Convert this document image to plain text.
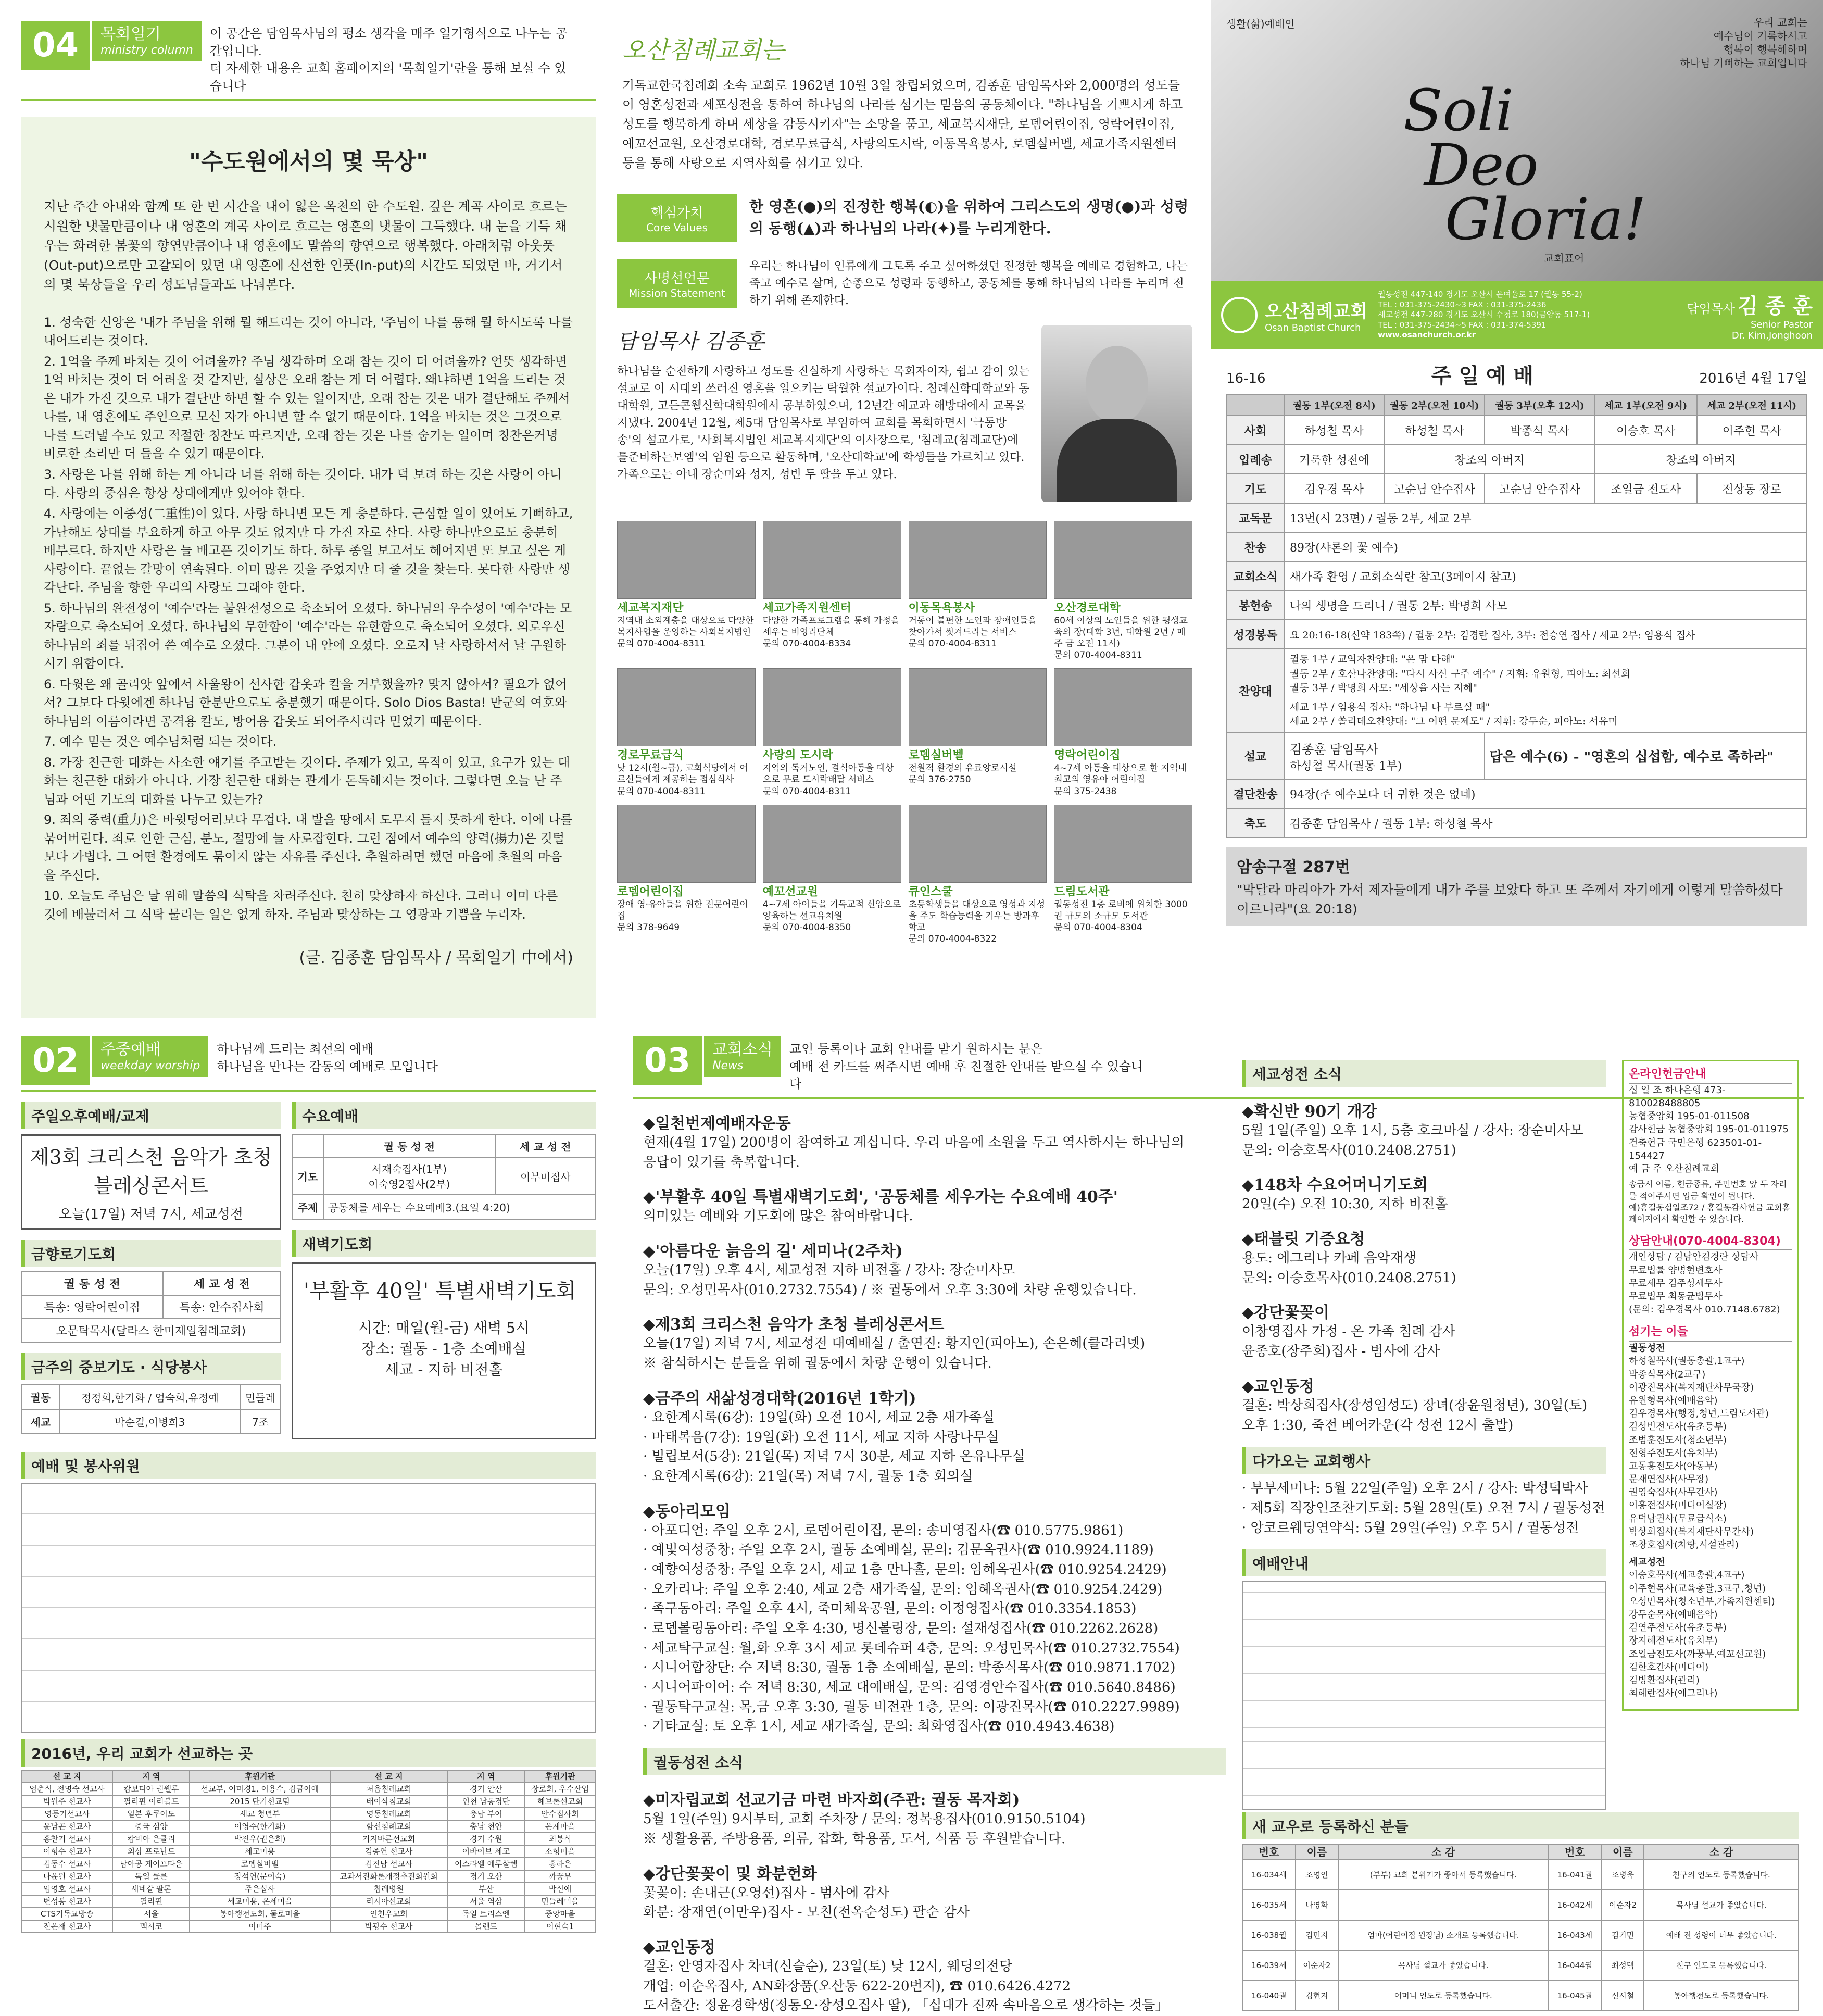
04 목회일기
ministry column
이 공간은 담임목사님의 평소 생각을 매주 일기형식으로 나누는 공간입니다.
더 자세한 내용은 교회 홈페이지의 '목회일기'란을 통해 보실 수 있습니다
"수도원에서의 몇 묵상"

지난 주간 아내와 함께 또 한 번 시간을 내어 잃은 옥천의 한 수도원. 깊은 계곡 사이로 흐르는 시원한 냇물만큼이나 내 영혼의 계곡 사이로 흐르는 영혼의 냇물이 그득했다. 내 눈을 기득 채우는 화려한 봄꽃의 향연만큼이나 내 영혼에도 말씀의 향연으로 행복했다. 아래처럼 아웃풋(Out-put)으로만 고갈되어 있던 내 영혼에 신선한 인풋(In-put)의 시간도 되었던 바, 거기서의 몇 묵상들을 우리 성도님들과도 나눠본다.

1. 성숙한 신앙은 '내가 주님을 위해 뭘 해드리는 것이 아니라, '주님이 나를 통해 뭘 하시도록 나를 내어드리는 것이다.

2. 1억을 주께 바치는 것이 어려울까? 주님 생각하며 오래 참는 것이 더 어려울까? 언뜻 생각하면 1억 바치는 것이 더 어려울 것 같지만, 실상은 오래 참는 게 더 어렵다. 왜냐하면 1억을 드리는 것은 내가 가진 것으로 내가 결단만 하면 할 수 있는 일이지만, 오래 참는 것은 내가 결단해도 주께서 나를, 내 영혼에도 주인으로 모신 자가 아니면 할 수 없기 때문이다. 1억을 바치는 것은 그것으로 나를 드러낼 수도 있고 적절한 칭찬도 따르지만, 오래 참는 것은 나를 숨기는 일이며 칭찬은커녕 비로한 소리만 더 들을 수 있기 때문이다.

3. 사랑은 나를 위해 하는 게 아니라 너를 위해 하는 것이다. 내가 덕 보려 하는 것은 사랑이 아니다. 사랑의 중심은 항상 상대에게만 있어야 한다.

4. 사랑에는 이중성(二重性)이 있다. 사랑 하니면 모든 게 충분하다. 근심할 일이 있어도 기뻐하고, 가난해도 상대를 부요하게 하고 아무 것도 없지만 다 가진 자로 산다. 사랑 하나만으로도 충분히 배부르다. 하지만 사랑은 늘 배고픈 것이기도 하다. 하루 종일 보고서도 헤어지면 또 보고 싶은 게 사랑이다. 끝없는 갈망이 연속된다. 이미 많은 것을 주었지만 더 줄 것을 찾는다. 못다한 사랑만 생각난다. 주님을 향한 우리의 사랑도 그래야 한다.

5. 하나님의 완전성이 '예수'라는 불완전성으로 축소되어 오셨다. 하나님의 우수성이 '예수'라는 모자람으로 축소되어 오셨다. 하나님의 무한함이 '예수'라는 유한함으로 축소되어 오셨다. 의로우신 하나님의 죄를 뒤집어 쓴 예수로 오셨다. 그분이 내 안에 오셨다. 오로지 날 사랑하셔서 날 구원하시기 위함이다.

6. 다윗은 왜 골리앗 앞에서 사울왕이 선사한 갑옷과 칼을 거부했을까? 맞지 않아서? 필요가 없어서? 그보다 다윗에겐 하나님 한분만으로도 충분했기 때문이다. Solo Dios Basta! 만군의 여호와 하나님의 이름이라면 공격용 칼도, 방어용 갑옷도 되어주시리라 믿었기 때문이다.

7. 예수 믿는 것은 예수님처럼 되는 것이다.

8. 가장 친근한 대화는 사소한 얘기를 주고받는 것이다. 주제가 있고, 목적이 있고, 요구가 있는 대화는 친근한 대화가 아니다. 가장 친근한 대화는 관계가 돈독해지는 것이다. 그렇다면 오늘 난 주님과 어떤 기도의 대화를 나누고 있는가?

9. 죄의 중력(重力)은 바윗덩어리보다 무겁다. 내 발을 땅에서 도무지 들지 못하게 한다. 이에 나를 묶어버린다. 죄로 인한 근심, 분노, 절망에 늘 사로잡힌다. 그런 점에서 예수의 양력(揚力)은 깃털보다 가볍다. 그 어떤 환경에도 묶이지 않는 자유를 주신다. 추월하려면 했던 마음에 초월의 마음을 주신다.

10. 오늘도 주님은 날 위해 말씀의 식탁을 차려주신다. 친히 맞상하자 하신다. 그러니 이미 다른 것에 배불러서 그 식탁 물리는 일은 없게 하자. 주님과 맞상하는 그 영광과 기쁨을 누리자.

(글. 김종훈 담임목사 / 목회일기 中에서)
오산침례교회는

기독교한국침례회 소속 교회로 1962년 10월 3일 창립되었으며, 김종훈 담임목사와 2,000명의 성도들이 영혼성전과 세포성전을 통하여 하나님의 나라를 섬기는 믿음의 공동체이다. "하나님을 기쁘시게 하고 성도를 행복하게 하며 세상을 감동시키자"는 소망을 품고, 세교복지재단, 로뎀어린이집, 영락어린이집, 예꼬선교원, 오산경로대학, 경로무료급식, 사랑의도시락, 이동목욕봉사, 로뎀실버벨, 세교가족지원센터 등을 통해 사랑으로 지역사회를 섬기고 있다.

핵심가치
Core Values
한 영혼(●)의 진정한 행복(◐)을 위하여 그리스도의 생명(●)과 성령의 동행(▲)과 하나님의 나라(✦)를 누리게한다.
사명선언문
Mission Statement
우리는 하나님이 인류에게 그토록 주고 싶어하셨던 진정한 행복을 예배로 경험하고, 나는 죽고 예수로 살며, 순종으로 성령과 동행하고, 공동체를 통해 하나님의 나라를 누리며 전하기 위해 존재한다.
담임목사 김종훈

하나님을 순전하게 사랑하고 성도를 진실하게 사랑하는 목회자이자, 쉽고 감이 있는 설교로 이 시대의 쓰러진 영혼을 일으키는 탁월한 설교가이다. 침례신학대학교와 동대학원, 고든콘웰신학대학원에서 공부하였으며, 12년간 예교과 해방대에서 교목을 지냈다. 2004년 12월, 제5대 담임목사로 부임하여 교회를 목회하면서 '극동방송'의 설교가로, '사회복지법인 세교복지재단'의 이사장으로, '침례교(침례교단)에 틀준비하는보엠'의 임원 등으로 활동하며, '오산대학교'에 학생들을 가르치고 있다. 가족으로는 아내 장순미와 성지, 성빈 두 딸을 두고 있다.

세교복지재단
지역내 소외계층을 대상으로 다양한 복지사업을 운영하는 사회복지법인
문의 070-4004-8311
세교가족지원센터
다양한 가족프로그램을 통해 가정을 세우는 비영리단체
문의 070-4004-8334
이동목욕봉사
거동이 불편한 노인과 장애인들을 찾아가서 씻겨드리는 서비스
문의 070-4004-8311
오산경로대학
60세 이상의 노인들을 위한 평생교육의 장(대학 3년, 대학원 2년 / 매주 금 오전 11시)
문의 070-4004-8311
경로무료급식
낮 12시(월~금), 교회식당에서 어르신들에게 제공하는 점심식사
문의 070-4004-8311
사랑의 도시락
지역의 독거노인, 결식아동을 대상으로 무료 도시락배달 서비스
문의 070-4004-8311
로뎀실버벨
전원적 환경의 유료양로시설
문의 376-2750
영락어린이집
4~7세 아동을 대상으로 한 지역내 최고의 영유아 어린이집
문의 375-2438
로뎀어린이집
장애 영·유아들을 위한 전문어린이집
문의 378-9649
예꼬선교원
4~7세 아이들을 기독교적 신앙으로 양육하는 선교유치원
문의 070-4004-8350
큐인스쿨
초등학생들을 대상으로 영성과 지성을 주도 학습능력을 키우는 방과후학교
문의 070-4004-8322
드림도서관
궐동성전 1층 로비에 위치한 3000권 규모의 소규모 도서관
문의 070-4004-8304
생활(삶)예배인
Soli
Deo
Gloria!
교회표어
우리 교회는
예수님이 기록하시고
행복이 행복해하며
하나님 기뻐하는 교회입니다
오산침례교회
Osan Baptist Church
궐동성전 447-140 경기도 오산시 은여울로 17 (궐동 55-2)
TEL : 031-375-2430~3 FAX : 031-375-2436
세교성전 447-280 경기도 오산시 수청로 180(금암동 517-1)
TEL : 031-375-2434~5 FAX : 031-374-5391
www.osanchurch.or.kr
담임목사 김 종 훈
Senior Pastor
Dr. Kim,Jonghoon
16-16	주 일 예 배	2016년 4월 17일
	궐동 1부(오전 8시)	궐동 2부(오전 10시)	궐동 3부(오후 12시)	세교 1부(오전 9시)	세교 2부(오전 11시)
사회	하성철 목사	하성철 목사	박종식 목사	이승호 목사	이주현 목사
입례송	거룩한 성전에	창조의 아버지		창조의 아버지	
기도	김우경 목사	고순님 안수집사	고순님 안수집사	조일금 전도사	전상동 장로
교독문	13번(시 23편) / 궐동 2부, 세교 2부				
찬송	89장(샤론의 꽃 예수)				
교회소식	새가족 환영 / 교회소식란 참고(3페이지 참고)				
봉헌송	나의 생명을 드리니 / 궐동 2부: 박명희 사모				
성경봉독	요 20:16-18(신약 183쪽) / 궐동 2부: 김경란 집사, 3부: 전승연 집사 / 세교 2부: 엄용식 집사				
찬양대	궐동 1부 / 교역자찬양대: "온 맘 다해"
궐동 2부 / 호산나찬양대: "다시 사신 구주 예수" / 지휘: 유원형, 피아노: 최선희
궐동 3부 / 박명희 사모: "세상을 사는 지혜"
세교 1부 / 엄용식 집사: "하나님 나 부르실 때"
세교 2부 / 쏠리데오찬양대: "그 어떤 문제도" / 지휘: 강두순, 피아노: 서유미				

설교	김종훈 담임목사
하성철 목사(궐동 1부)		답은 예수(6) - "영혼의 십섭함, 예수로 족하라"		
결단찬송	94장(주 예수보다 더 귀한 것은 없네)				
축도	김종훈 담임목사 / 궐동 1부: 하성철 목사				
암송구절 287번
"막달라 마리아가 가서 제자들에게 내가 주를 보았다 하고 또 주께서 자기에게 이렇게 말씀하셨다 이르니라"(요 20:18)
02 주중예배
weekday worship
하나님께 드리는 최선의 예배
하나님을 만나는 감동의 예배로 모입니다
주일오후예배/교제
제3회 크리스천 음악가 초청
블레싱콘서트
오늘(17일) 저녁 7시, 세교성전
금향로기도회
궐 동 성 전	세 교 성 전
특송: 영락어린이집	특송: 안수집사회
오문탁목사(달라스 한미제일침례교회)	
금주의 중보기도 · 식당봉사
궐동	정정희,한기화 / 엄숙희,유정예	민들레
세교	박순길,이병희3	7조
수요예배
	궐 동 성 전	세 교 성 전
기도	서재숙집사(1부)
이숙영2집사(2부)	이부미집사
주제	공동체를 세우는 수요예배3.(요일 4:20)	
새벽기도회
'부활후 40일' 특별새벽기도회
시간: 매일(월-금) 새벽 5시
장소: 궐동 - 1층 소예배실
세교 - 지하 비전홀
예배 및 봉사위원
2016년, 우리 교회가 선교하는 곳
선 교 지	지 역	후원기관	선 교 지	지 역	후원기관
엄춘식, 전명숙 선교사	캄보디아 권웰루	선교부, 이미경1, 이용수, 김금이애	처음침례교회	경기 안산	장로회, 우수산업
박원주 선교사	필리핀 이리블드	2015 단기선교팀	태이삭침교회	인천 남동경단	해브론선교회
영등기선교사	일본 후쿠이도	세교 청년부	영동침례교회	충남 부여	안수집사회
윤남곤 선교사	중국 심양	이영수(한기화)	함선침례교회	충남 천안	은계마을
홍찬기 선교사	캄비아 은쿨리	박진우(권은희)	거지바른선교회	경기 수원	최봉식
이형수 선교사	외상 프로난드	세교미용	김종연 선교사	이바이브 세교	소형미을
김동수 선교사	남아공 케이프타운	로뎀실버벨	김진남 선교사	이스라엘 예루살렘	흥하은
나윤원 선교사	독일 클론	장석연(문이숙)	교과서진화론개정추진회원회	경기 오산	까꿍부
임영호 선교사	세네갈 팔론	주은십사	침례병원	부산	박신애
변성봉 선교사	필리핀	세교미용, 온세미을	리시아선교회	서울 역삼	민들레미을
CTS기독교방송	서울	봉아행전도회, 둘로미을	인천우교회	독일 트리스엔	중앙마을
전은재 선교사	멕시코	이미주	박광수 선교사	몰렌드	이현숙1
03 교회소식
News
교인 등록이나 교회 안내를 받기 원하시는 분은
예배 전 카드를 써주시면 예배 후 친절한 안내를 받으실 수 있습니다
◆일천번제예배자운동
현재(4월 17일) 200명이 참여하고 계십니다. 우리 마음에 소원을 두고 역사하시는 하나님의
응답이 있기를 축복합니다.
◆'부활후 40일 특별새벽기도회', '공동체를 세우가는 수요예배 40주'
의미있는 예배와 기도회에 많은 참여바랍니다.
◆'아름다운 늙음의 길' 세미나(2주차)
오늘(17일) 오후 4시, 세교성전 지하 비전홀 / 강사: 장순미사모
문의: 오성민목사(010.2732.7554) / ※ 궐동에서 오후 3:30에 차량 운행있습니다.
◆제3회 크리스천 음악가 초청 블레싱콘서트
오늘(17일) 저녁 7시, 세교성전 대예배실 / 출연진: 황지인(피아노), 손은혜(클라리넷)
※ 참석하시는 분들을 위해 궐동에서 차량 운행이 있습니다.
◆금주의 새삶성경대학(2016년 1학기)
· 요한계시록(6강): 19일(화) 오전 10시, 세교 2층 새가족실
· 마태복음(7강): 19일(화) 오전 11시, 세교 지하 사랑나무실
· 빌립보서(5강): 21일(목) 저녁 7시 30분, 세교 지하 온유나무실
· 요한계시록(6강): 21일(목) 저녁 7시, 궐동 1층 회의실
◆동아리모임
· 아포디언: 주일 오후 2시, 로뎀어린이집, 문의: 송미영집사(☎ 010.5775.9861)
· 예빛여성중창: 주일 오후 2시, 궐동 소예배실, 문의: 김문옥권사(☎ 010.9924.1189)
· 예향여성중창: 주일 오후 2시, 세교 1층 만나홀, 문의: 임혜옥권사(☎ 010.9254.2429)
· 오카리나: 주일 오후 2:40, 세교 2층 새가족실, 문의: 임혜옥권사(☎ 010.9254.2429)
· 족구동아리: 주일 오후 4시, 죽미체육공원, 문의: 이정영집사(☎ 010.3354.1853)
· 로뎀볼링동아리: 주일 오후 4:30, 명신볼링장, 문의: 설재성집사(☎ 010.2262.2628)
· 세교탁구교실: 월,화 오후 3시 세교 롯데슈퍼 4층, 문의: 오성민목사(☎ 010.2732.7554)
· 시니어합창단: 수 저녁 8:30, 궐동 1층 소예배실, 문의: 박종식목사(☎ 010.9871.1702)
· 시니어파이어: 수 저녁 8:30, 세교 대예배실, 문의: 김영경안수집사(☎ 010.5640.8486)
· 궐동탁구교실: 목,금 오후 3:30, 궐동 비전관 1층, 문의: 이광진목사(☎ 010.2227.9989)
· 기타교실: 토 오후 1시, 세교 새가족실, 문의: 최화영집사(☎ 010.4943.4638)
궐동성전 소식
◆미자립교회 선교기금 마련 바자회(주관: 궐동 목자회)
5월 1일(주일) 9시부터, 교회 주차장 / 문의: 정복용집사(010.9150.5104)
※ 생활용품, 주방용품, 의류, 잡화, 학용품, 도서, 식품 등 후원받습니다.
◆강단꽃꽂이 및 화분헌화
꽃꽂이: 손내근(오영선)집사 - 범사에 감사
화분: 장재연(이만우)집사 - 모친(전옥순성도) 팔순 감사
◆교인동정
결혼: 안영자집사 차녀(신슬순), 23일(토) 낮 12시, 웨딩의전당
개업: 이순옥집사, AN화장품(오산동 622-20번지), ☎ 010.6426.4272
도서출간: 정윤경학생(정동오·장성오집사 딸), 「십대가 진짜 속마음으로 생각하는 것들」
세교성전 소식
◆확신반 90기 개강
5월 1일(주일) 오후 1시, 5층 호크마실 / 강사: 장순미사모
문의: 이승호목사(010.2408.2751)
◆148차 수요어머니기도회
20일(수) 오전 10:30, 지하 비전홀
◆태블릿 기증요청
용도: 에그리나 카페 음악재생
문의: 이승호목사(010.2408.2751)
◆강단꽃꽂이
이창영집사 가정 - 온 가족 침례 감사
윤종호(장주희)집사 - 범사에 감사
◆교인동정
결혼: 박상희집사(장성임성도) 장녀(장윤원청년), 30일(토)
오후 1:30, 죽전 베어카운(각 성전 12시 출발)
다가오는 교회행사
· 부부세미나: 5월 22일(주일) 오후 2시 / 강사: 박성덕박사
· 제5회 직장인조찬기도회: 5월 28일(토) 오전 7시 / 궐동성전
· 앙코르웨딩연약식: 5월 29일(주일) 오후 5시 / 궐동성전
예배안내
온라인헌금안내
십 일 조 하나은행 473-810028488805
농협중앙회 195-01-011508
감사헌금 농협중앙회 195-01-011975
건축헌금 국민은행 623501-01-154427
예 금 주 오산침례교회
송금시 이름, 헌금종류, 주민번호 앞 두 자리를 적어주시면 입금 확인이 됩니다.
예)홍길동십일조72 / 홍길동감사헌금 교회홈페이지에서 확인할 수 있습니다.
상담안내(070-4004-8304)
개인상담 / 김남안김경란 상담사
무료법률 양병현변호사
무료세무 김주성세무사
무료법무 최동균법무사
(문의: 김우경목사 010.7148.6782)
섬기는 이들
궐동성전
하성철목사(궐동총괄,1교구)
박종식목사(2교구)
이광진목사(복지재단사무국장)
유원형목사(예배음악)
김우경목사(행정,청년,드림도서관)
김성빈전도사(유초등부)
조범훈전도사(청소년부)
전형주전도사(유치부)
고동흥전도사(아동부)
문재연집사(사무장)
권영숙집사(사무간사)
이흥전집사(미디어실장)
유덕남권사(무료급식소)
박상희집사(복지재단사무간사)
조창호집사(차량,시설관리)
세교성전
이승호목사(세교총괄,4교구)
이주현목사(교육총괄,3교구,청년)
오성민목사(청소년부,가족지원센터)
강두순목사(예배음악)
김연주전도사(유초등부)
장지혜전도사(유치부)
조일금전도사(까꿍부,예꼬선교원)
김한호간사(미디어)
김병환집사(관리)
최혜란집사(에그리나)
새 교우로 등록하신 분들
번호	이름	소 감	번호	이름	소 감
16-034세	조영인	(부부) 교회 분위기가 좋아서 등록했습니다.	16-041궐	조병욱	친구의 인도로 등록했습니다.
16-035세	나영화		16-042세	이순자2	목사님 설교가 좋았습니다.
16-038궐	김민지	엄마(어린이집 원장님) 소개로 등록했습니다.	16-043세	김기민	예배 전 성령이 너무 좋았습니다.
16-039세	이순자2	목사님 설교가 좋았습니다.	16-044궐	최성택	친구 인도로 등록했습니다.
16-040궐	김현지	어머니 인도로 등록했습니다.	16-045궐	신시철	봉아행전도로 등록했습니다.
